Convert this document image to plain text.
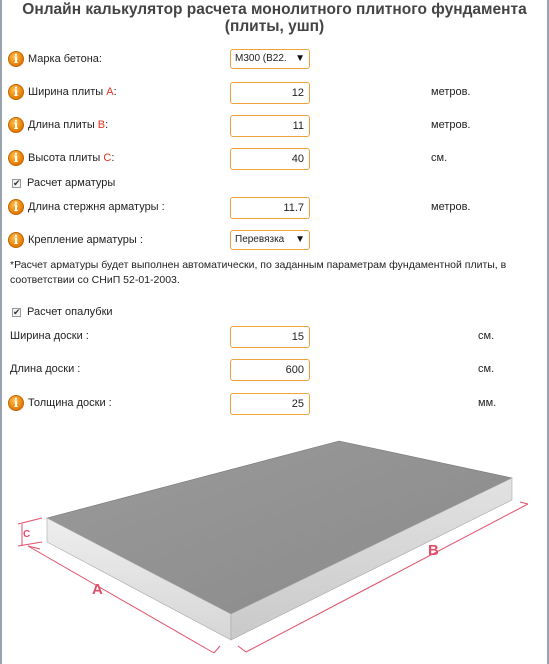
Онлайн калькулятор расчета монолитного плитного фундамента
(плиты, ушп)
i Марка бетона:	М300 (В22. ▼
i Ширина плиты А:	12	метров.
i Длина плиты В:	11	метров.
i Высота плиты С:	40	см.
✔ Расчет арматуры
i Длина стержня арматуры :	11.7	метров.
i Крепление арматуры :	Перевязка ▼
*Расчет арматуры будет выполнен автоматически, по заданным параметрам фундаментной плиты, в соответствии со СНиП 52-01-2003.
✔ Расчет опалубки
Ширина доски :	15	см.
Длина доски :	600	см.
i Толщина доски :	25	мм.
A
B
C
